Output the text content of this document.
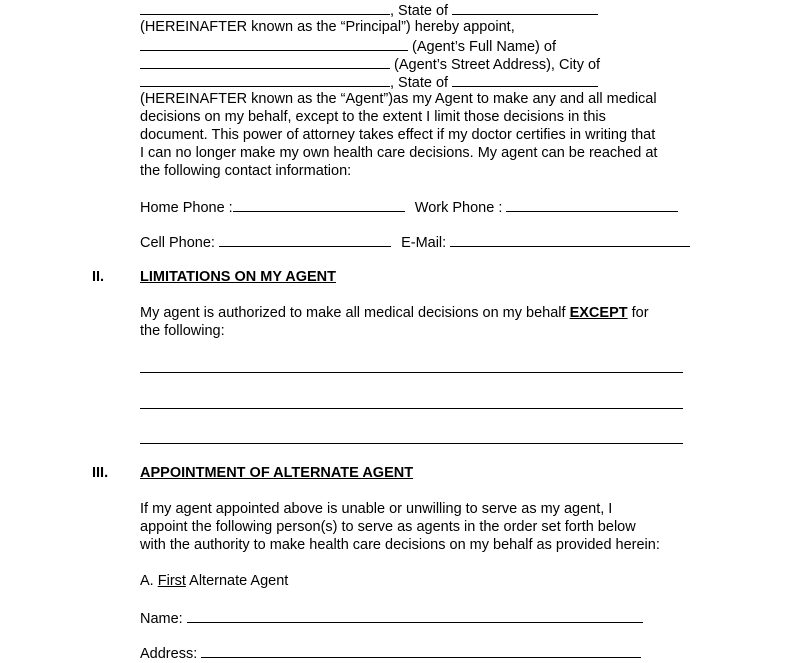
, State of
(HEREINAFTER known as the “Principal”) hereby appoint,
(Agent’s Full Name) of
(Agent’s Street Address), City of
, State of
(HEREINAFTER known as the “Agent”)as my Agent to make any and all medical
decisions on my behalf, except to the extent I limit those decisions in this
document. This power of attorney takes effect if my doctor certifies in writing that
I can no longer make my own health care decisions. My agent can be reached at
the following contact information:
Home Phone :	Work Phone :
Cell Phone:	E-Mail:
II. LIMITATIONS ON MY AGENT
My agent is authorized to make all medical decisions on my behalf EXCEPT for
the following:
III. APPOINTMENT OF ALTERNATE AGENT
If my agent appointed above is unable or unwilling to serve as my agent, I
appoint the following person(s) to serve as agents in the order set forth below
with the authority to make health care decisions on my behalf as provided herein:
A. First Alternate Agent
Name:
Address:
